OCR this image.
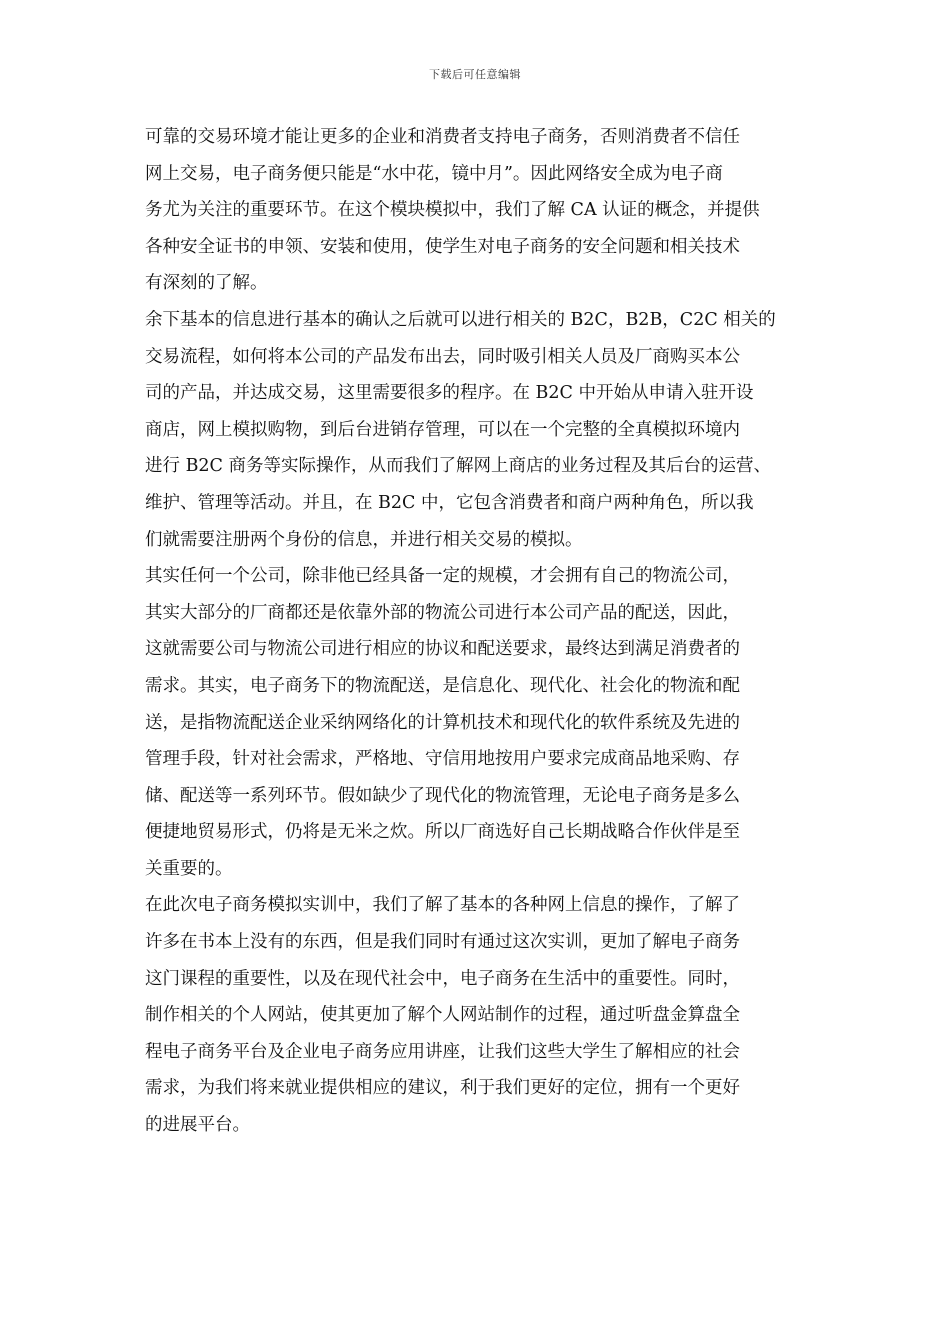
下载后可任意编辑
可靠的交易环境才能让更多的企业和消费者支持电子商务，否则消费者不信任
网上交易，电子商务便只能是“水中花，镜中月”。因此网络安全成为电子商
务尤为关注的重要环节。在这个模块模拟中，我们了解 CA 认证的概念，并提供
各种安全证书的申领、安装和使用，使学生对电子商务的安全问题和相关技术
有深刻的了解。
余下基本的信息进行基本的确认之后就可以进行相关的 B2C，B2B，C2C 相关的
交易流程，如何将本公司的产品发布出去，同时吸引相关人员及厂商购买本公
司的产品，并达成交易，这里需要很多的程序。在 B2C 中开始从申请入驻开设
商店，网上模拟购物，到后台进销存管理，可以在一个完整的全真模拟环境内
进行 B2C 商务等实际操作，从而我们了解网上商店的业务过程及其后台的运营、
维护、管理等活动。并且，在 B2C 中，它包含消费者和商户两种角色，所以我
们就需要注册两个身份的信息，并进行相关交易的模拟。
其实任何一个公司，除非他已经具备一定的规模，才会拥有自己的物流公司，
其实大部分的厂商都还是依靠外部的物流公司进行本公司产品的配送，因此，
这就需要公司与物流公司进行相应的协议和配送要求，最终达到满足消费者的
需求。其实，电子商务下的物流配送，是信息化、现代化、社会化的物流和配
送，是指物流配送企业采纳网络化的计算机技术和现代化的软件系统及先进的
管理手段，针对社会需求，严格地、守信用地按用户要求完成商品地采购、存
储、配送等一系列环节。假如缺少了现代化的物流管理，无论电子商务是多么
便捷地贸易形式，仍将是无米之炊。所以厂商选好自己长期战略合作伙伴是至
关重要的。
在此次电子商务模拟实训中，我们了解了基本的各种网上信息的操作，了解了
许多在书本上没有的东西，但是我们同时有通过这次实训，更加了解电子商务
这门课程的重要性，以及在现代社会中，电子商务在生活中的重要性。同时，
制作相关的个人网站，使其更加了解个人网站制作的过程，通过听盘金算盘全
程电子商务平台及企业电子商务应用讲座，让我们这些大学生了解相应的社会
需求，为我们将来就业提供相应的建议，利于我们更好的定位，拥有一个更好
的进展平台。
